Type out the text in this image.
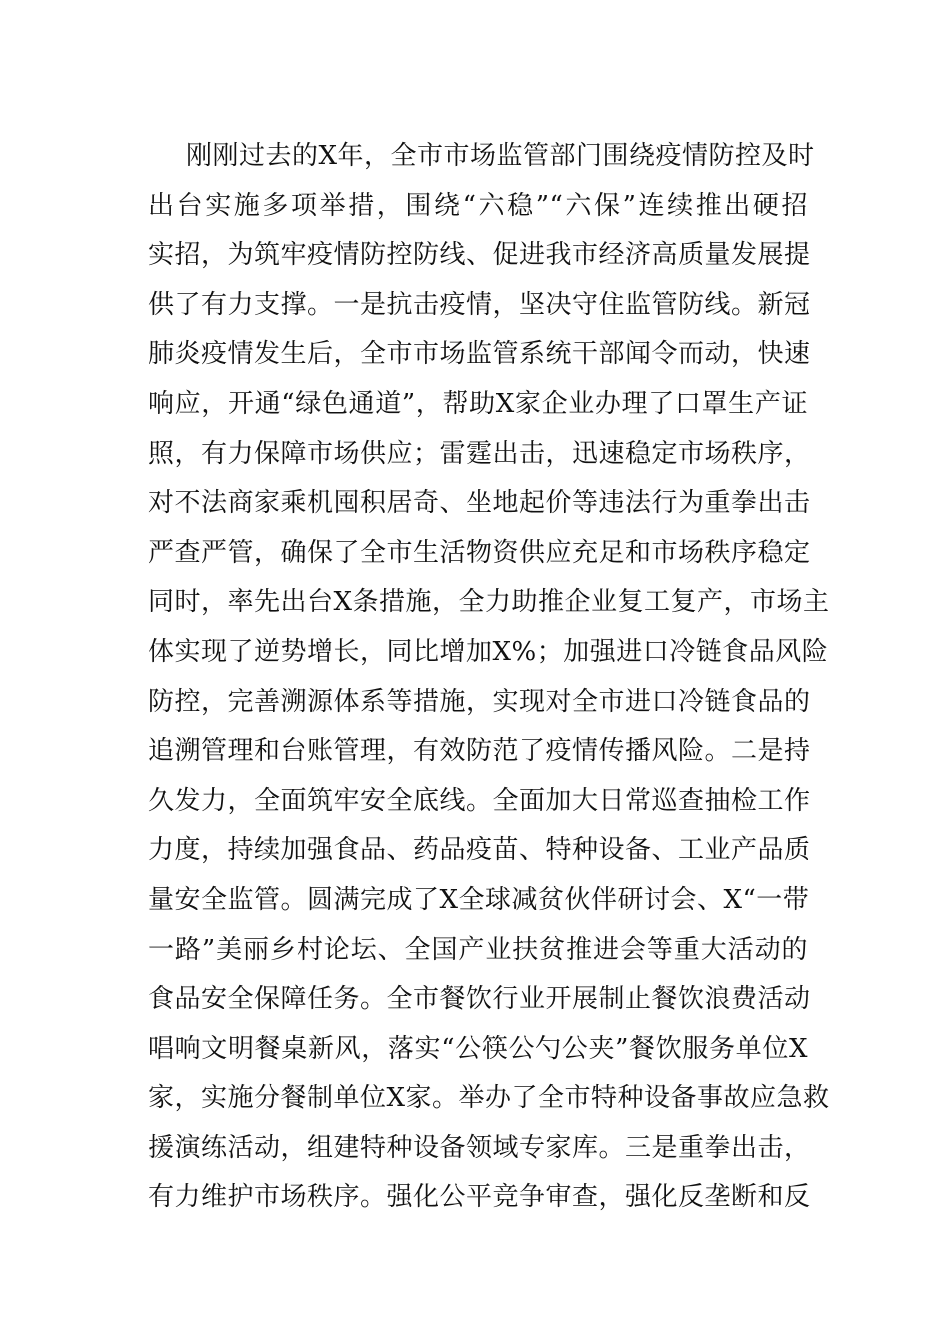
刚刚过去的X年，全市市场监管部门围绕疫情防控及时
出台实施多项举措，围绕“六稳”“六保”连续推出硬招
实招，为筑牢疫情防控防线、促进我市经济高质量发展提
供了有力支撑。一是抗击疫情，坚决守住监管防线。新冠
肺炎疫情发生后，全市市场监管系统干部闻令而动，快速
响应，开通“绿色通道”，帮助X家企业办理了口罩生产证
照，有力保障市场供应；雷霆出击，迅速稳定市场秩序，
对不法商家乘机囤积居奇、坐地起价等违法行为重拳出击
严查严管，确保了全市生活物资供应充足和市场秩序稳定
同时，率先出台X条措施，全力助推企业复工复产，市场主
体实现了逆势增长，同比增加X%；加强进口冷链食品风险
防控，完善溯源体系等措施，实现对全市进口冷链食品的
追溯管理和台账管理，有效防范了疫情传播风险。二是持
久发力，全面筑牢安全底线。全面加大日常巡查抽检工作
力度，持续加强食品、药品疫苗、特种设备、工业产品质
量安全监管。圆满完成了X全球减贫伙伴研讨会、X“一带
一路”美丽乡村论坛、全国产业扶贫推进会等重大活动的
食品安全保障任务。全市餐饮行业开展制止餐饮浪费活动
唱响文明餐桌新风，落实“公筷公勺公夹”餐饮服务单位X
家，实施分餐制单位X家。举办了全市特种设备事故应急救
援演练活动，组建特种设备领域专家库。三是重拳出击，
有力维护市场秩序。强化公平竞争审查，强化反垄断和反
